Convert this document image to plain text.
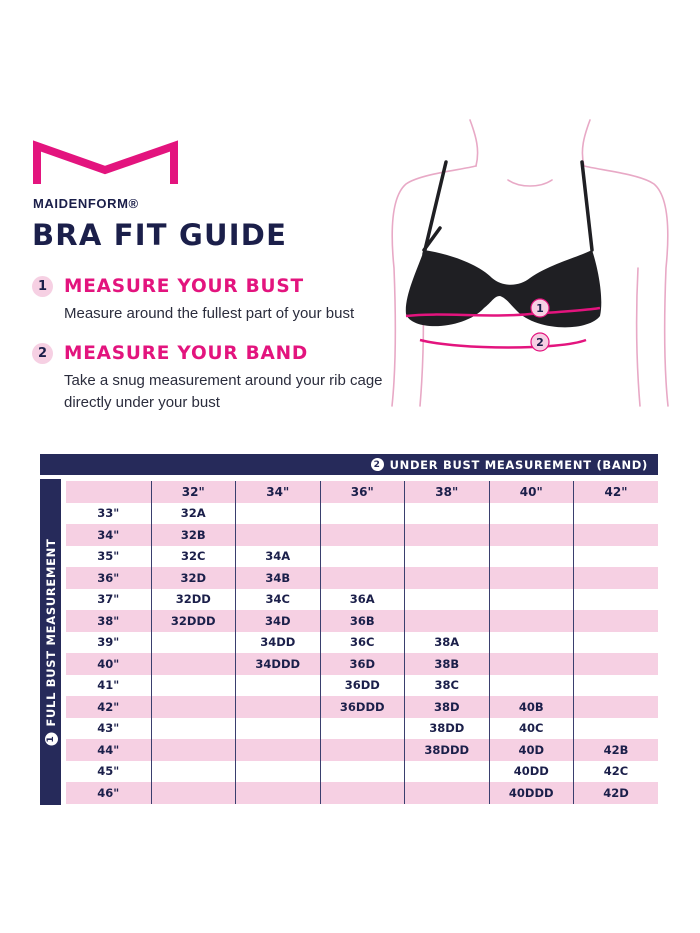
MAIDENFORM®
BRA FIT GUIDE
1 MEASURE YOUR BUST
Measure around the fullest part of your bust
2 MEASURE YOUR BAND
Take a snug measurement around your rib cage directly under your bust
1
2
2 UNDER BUST MEASUREMENT (BAND)
1
FULL BUST MEASUREMENT
	32"	34"	36"	38"	40"	42"
33"	32A					
34"	32B					
35"	32C	34A				
36"	32D	34B				
37"	32DD	34C	36A			
38"	32DDD	34D	36B			
39"		34DD	36C	38A		
40"		34DDD	36D	38B		
41"			36DD	38C		
42"			36DDD	38D	40B	
43"				38DD	40C	
44"				38DDD	40D	42B
45"					40DD	42C
46"					40DDD	42D
